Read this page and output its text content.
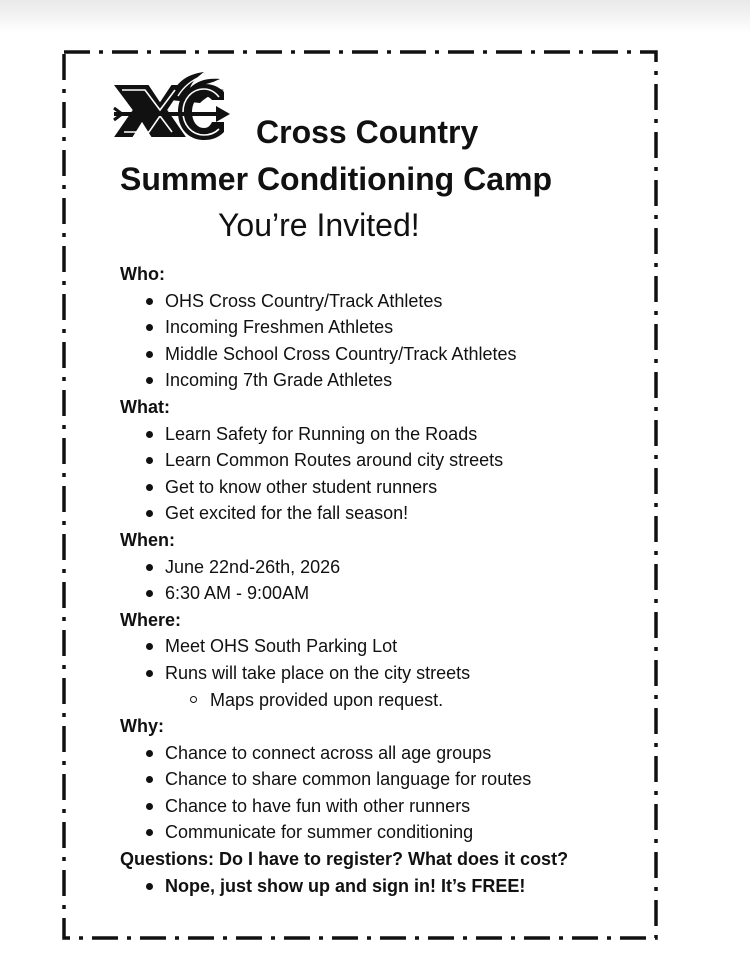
Cross Country
Summer Conditioning Camp
You’re Invited!
Who:
OHS Cross Country/Track Athletes
Incoming Freshmen Athletes
Middle School Cross Country/Track Athletes
Incoming 7th Grade Athletes
What:
Learn Safety for Running on the Roads
Learn Common Routes around city streets
Get to know other student runners
Get excited for the fall season!
When:
June 22nd-26th, 2026
6:30 AM - 9:00AM
Where:
Meet OHS South Parking Lot
Runs will take place on the city streets
Maps provided upon request.
Why:
Chance to connect across all age groups
Chance to share common language for routes
Chance to have fun with other runners
Communicate for summer conditioning
Questions: Do I have to register? What does it cost?
Nope, just show up and sign in! It’s FREE!
